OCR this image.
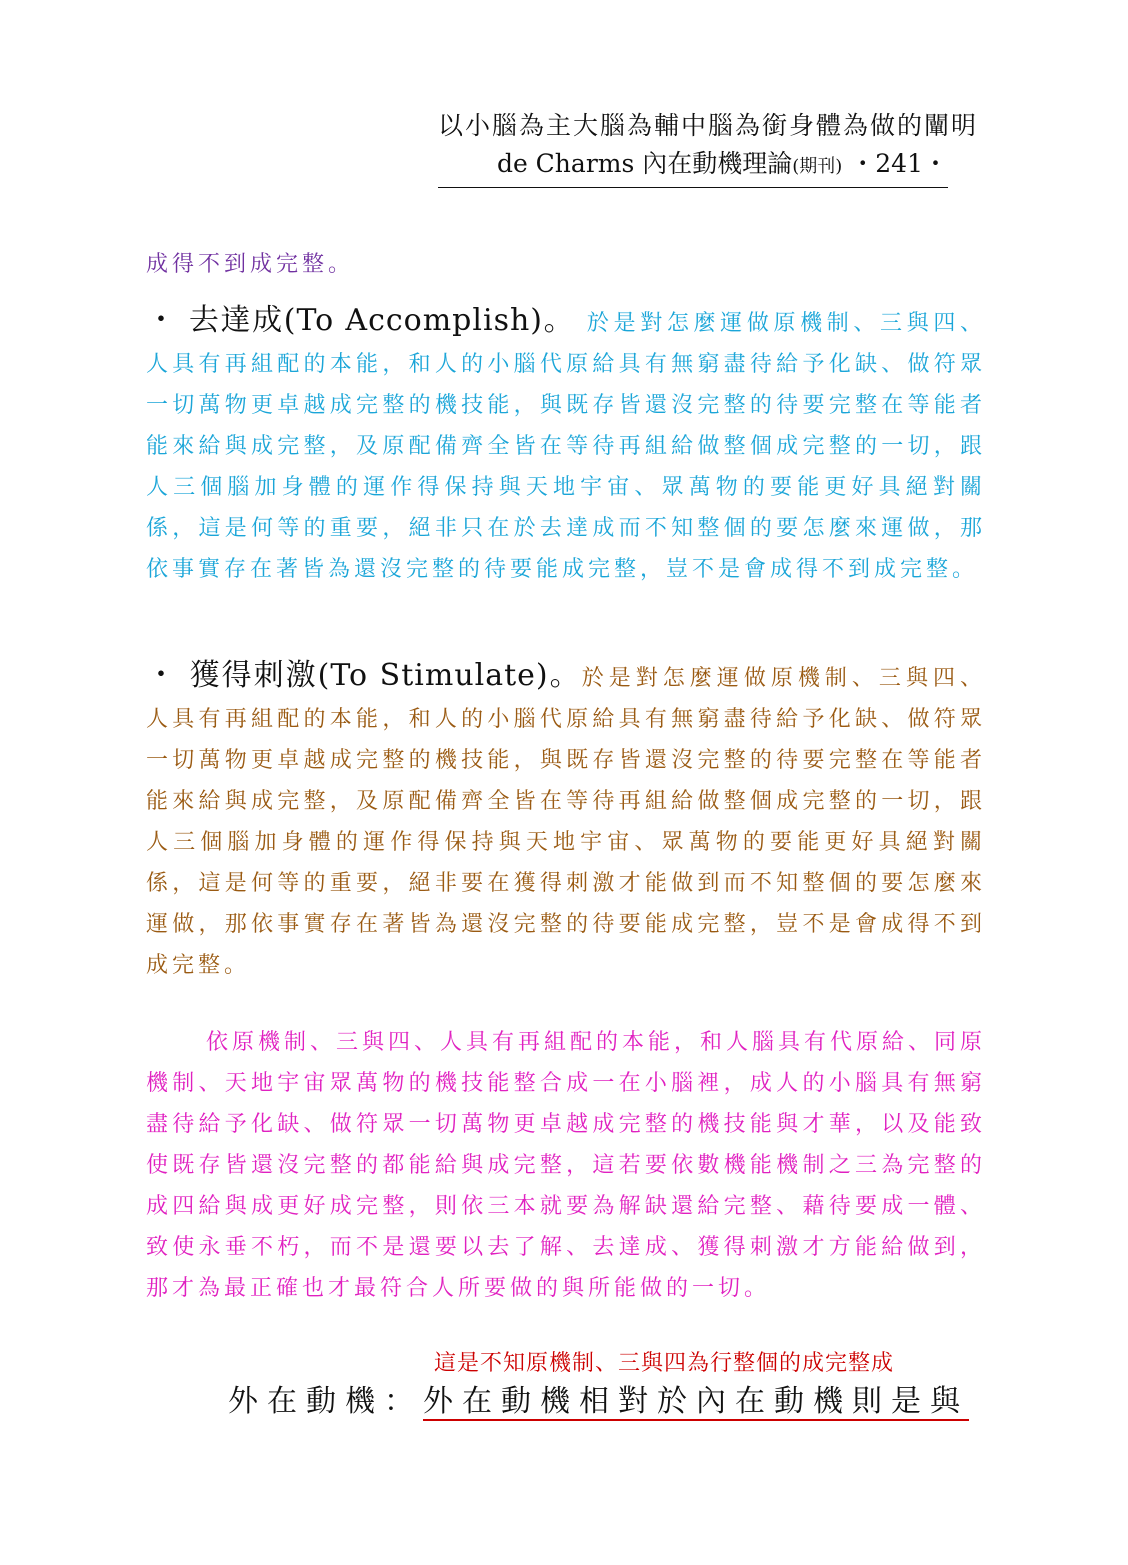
以小腦為主大腦為輔中腦為銜身體為做的闡明
de Charms 內在動機理論(期刊) ・241・

成得不到成完整。

・ 去達成(To Accomplish)。 於是對怎麼運做原機制、三與四、人具有再組配的本能，和人的小腦代原給具有無窮盡待給予化缺、做符眾一切萬物更卓越成完整的機技能，與既存皆還沒完整的待要完整在等能者能來給與成完整，及原配備齊全皆在等待再組給做整個成完整的一切，跟人三個腦加身體的運作得保持與天地宇宙、眾萬物的要能更好具絕對關係，這是何等的重要，絕非只在於去達成而不知整個的要怎麼來運做，那依事實存在著皆為還沒完整的待要能成完整，豈不是會成得不到成完整。

・ 獲得刺激(To Stimulate)。於是對怎麼運做原機制、三與四、人具有再組配的本能，和人的小腦代原給具有無窮盡待給予化缺、做符眾一切萬物更卓越成完整的機技能，與既存皆還沒完整的待要完整在等能者能來給與成完整，及原配備齊全皆在等待再組給做整個成完整的一切，跟人三個腦加身體的運作得保持與天地宇宙、眾萬物的要能更好具絕對關係，這是何等的重要，絕非要在獲得刺激才能做到而不知整個的要怎麼來運做，那依事實存在著皆為還沒完整的待要能成完整，豈不是會成得不到成完整。

依原機制、三與四、人具有再組配的本能，和人腦具有代原給、同原機制、天地宇宙眾萬物的機技能整合成一在小腦裡，成人的小腦具有無窮盡待給予化缺、做符眾一切萬物更卓越成完整的機技能與才華，以及能致使既存皆還沒完整的都能給與成完整，這若要依數機能機制之三為完整的成四給與成更好成完整，則依三本就要為解缺還給完整、藉待要成一體、致使永垂不朽，而不是還要以去了解、去達成、獲得刺激才方能給做到，那才為最正確也才最符合人所要做的與所能做的一切。

這是不知原機制、三與四為行整個的成完整成
外在動機：外在動機相對於內在動機則是與
